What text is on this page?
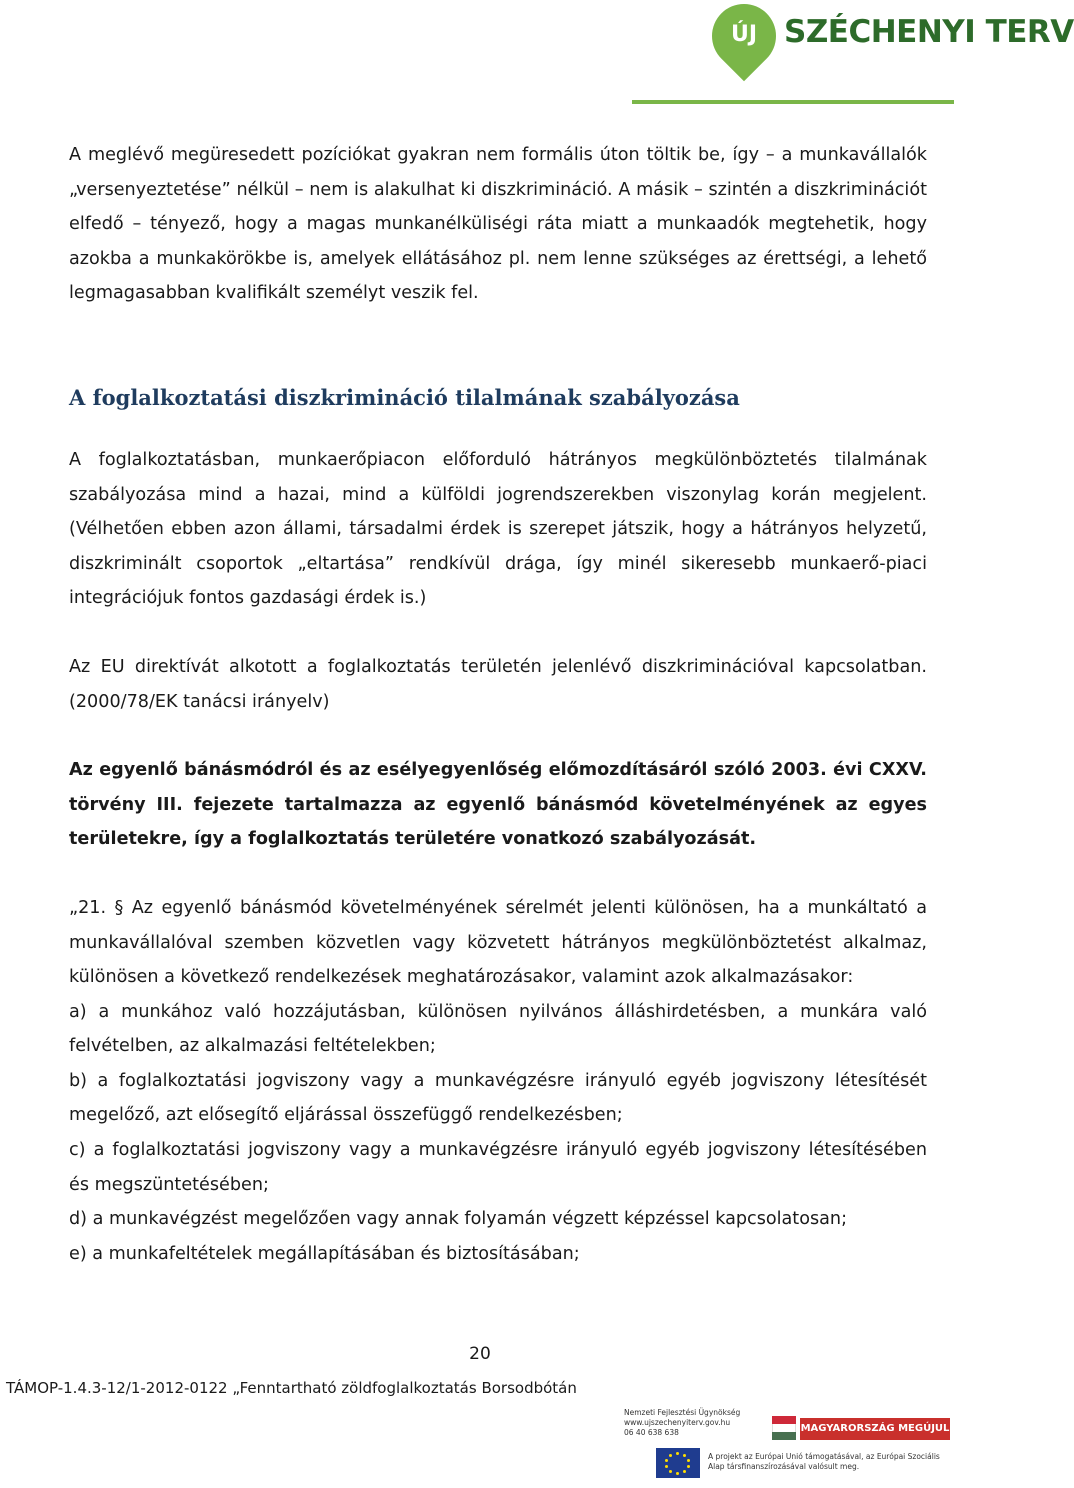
ÚJ SZÉCHENYI TERV

A meglévő megüresedett pozíciókat gyakran nem formális úton töltik be, így – a munkavállalók „versenyeztetése” nélkül – nem is alakulhat ki diszkrimináció. A másik – szintén a diszkriminációt elfedő – tényező, hogy a magas munkanélküliségi ráta miatt a munkaadók megtehetik, hogy azokba a munkakörökbe is, amelyek ellátásához pl. nem lenne szükséges az érettségi, a lehető legmagasabban kvalifikált személyt veszik fel.

A foglalkoztatási diszkrimináció tilalmának szabályozása

A foglalkoztatásban, munkaerőpiacon előforduló hátrányos megkülönböztetés tilalmának szabályozása mind a hazai, mind a külföldi jogrendszerekben viszonylag korán megjelent. (Vélhetően ebben azon állami, társadalmi érdek is szerepet játszik, hogy a hátrányos helyzetű, diszkriminált csoportok „eltartása” rendkívül drága, így minél sikeresebb munkaerő-piaci integrációjuk fontos gazdasági érdek is.)

Az EU direktívát alkotott a foglalkoztatás területén jelenlévő diszkriminációval kapcsolatban. (2000/78/EK tanácsi irányelv)

Az egyenlő bánásmódról és az esélyegyenlőség előmozdításáról szóló 2003. évi CXXV. törvény III. fejezete tartalmazza az egyenlő bánásmód követelményének az egyes területekre, így a foglalkoztatás területére vonatkozó szabályozását.

„21. § Az egyenlő bánásmód követelményének sérelmét jelenti különösen, ha a munkáltató a munkavállalóval szemben közvetlen vagy közvetett hátrányos megkülönböztetést alkalmaz, különösen a következő rendelkezések meghatározásakor, valamint azok alkalmazásakor:

a) a munkához való hozzájutásban, különösen nyilvános álláshirdetésben, a munkára való felvételben, az alkalmazási feltételekben;

b) a foglalkoztatási jogviszony vagy a munkavégzésre irányuló egyéb jogviszony létesítését megelőző, azt elősegítő eljárással összefüggő rendelkezésben;

c) a foglalkoztatási jogviszony vagy a munkavégzésre irányuló egyéb jogviszony létesítésében és megszüntetésében;

d) a munkavégzést megelőzően vagy annak folyamán végzett képzéssel kapcsolatosan;

e) a munkafeltételek megállapításában és biztosításában;

20
TÁMOP-1.4.3-12/1-2012-0122 „Fenntartható zöldfoglalkoztatás Borsodbótán
Nemzeti Fejlesztési Ügynökség
www.ujszechenyiterv.gov.hu
06 40 638 638	MAGYARORSZÁG MEGÚJUL
A projekt az Európai Unió támogatásával, az Európai Szociális Alap társfinanszírozásával valósult meg.
